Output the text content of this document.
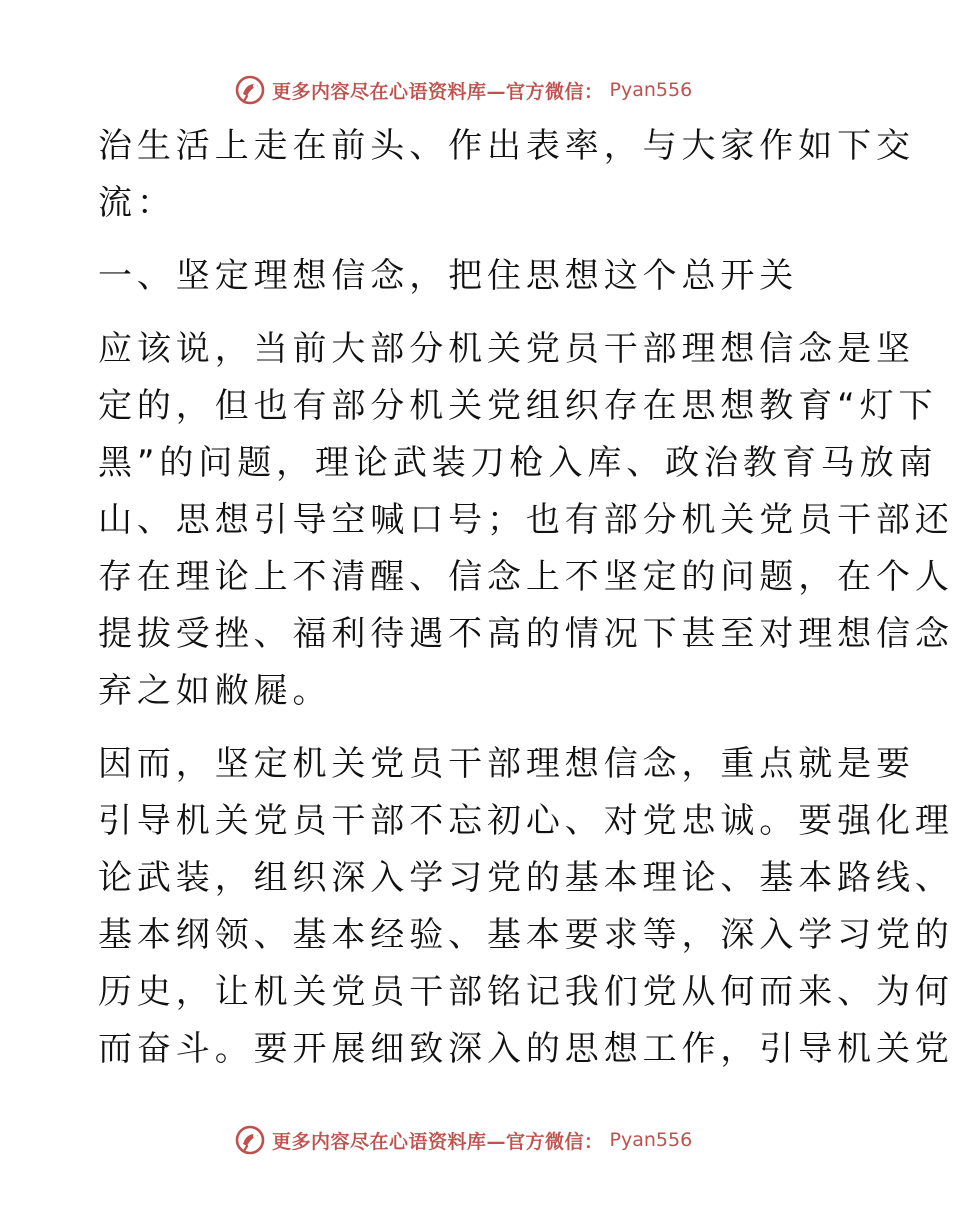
更多内容尽在心语资料库—官方微信： Pyan556
治生活上走在前头、作出表率，与大家作如下交
流：
一、坚定理想信念，把住思想这个总开关
应该说，当前大部分机关党员干部理想信念是坚
定的，但也有部分机关党组织存在思想教育“灯下
黑”的问题，理论武装刀枪入库、政治教育马放南
山、思想引导空喊口号；也有部分机关党员干部还
存在理论上不清醒、信念上不坚定的问题，在个人
提拔受挫、福利待遇不高的情况下甚至对理想信念
弃之如敝屣。
因而，坚定机关党员干部理想信念，重点就是要
引导机关党员干部不忘初心、对党忠诚。要强化理
论武装，组织深入学习党的基本理论、基本路线、
基本纲领、基本经验、基本要求等，深入学习党的
历史，让机关党员干部铭记我们党从何而来、为何
而奋斗。要开展细致深入的思想工作，引导机关党
更多内容尽在心语资料库—官方微信： Pyan556
